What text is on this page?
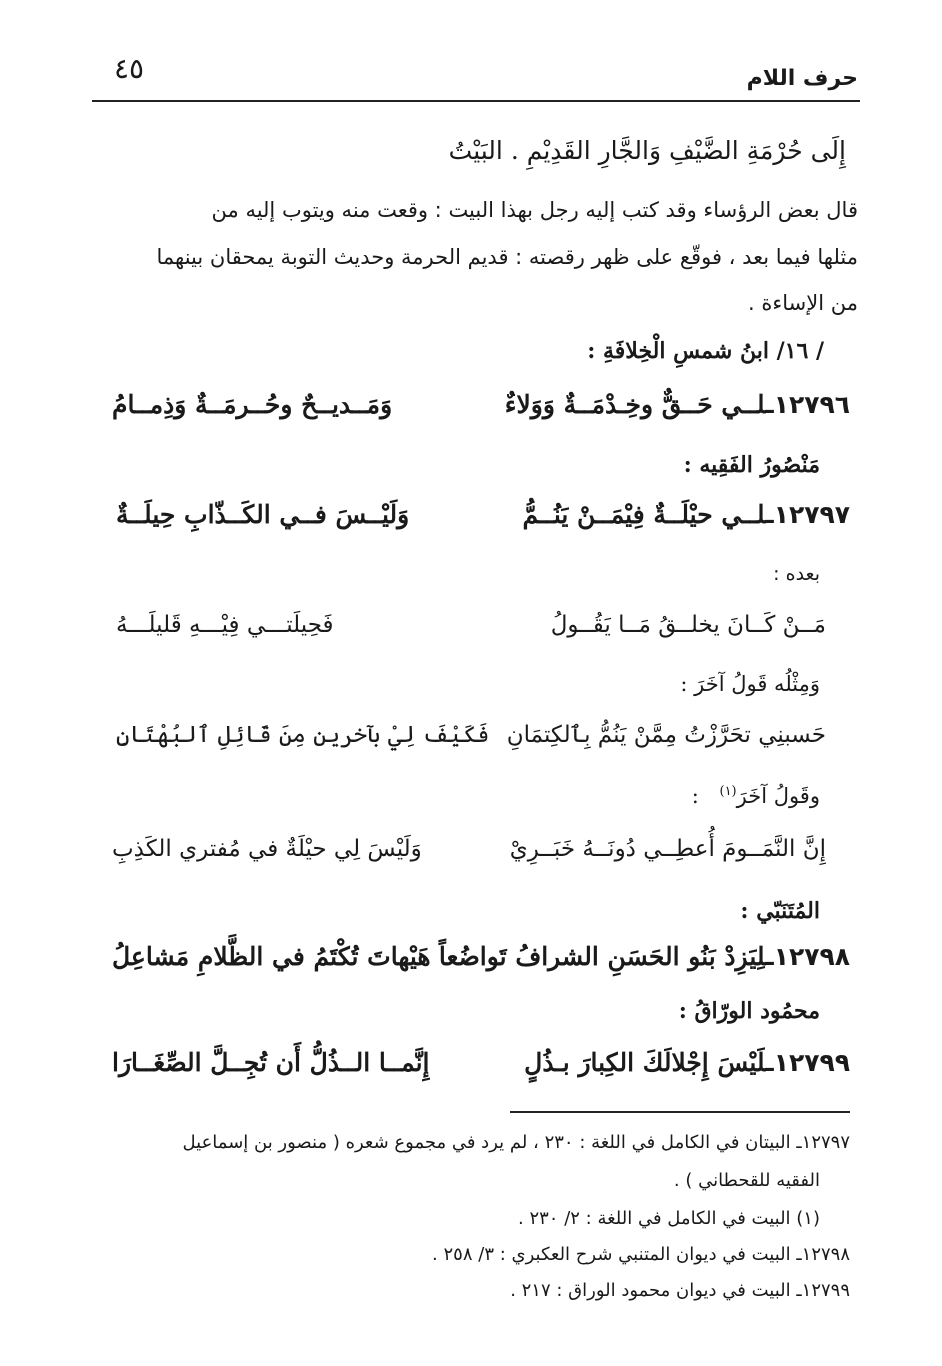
٤٥	حرف اللام
إِلَى حُرْمَةِ الضَّيْفِ وَالجَّارِ القَدِيْمِ . البَيْتُ
قال بعض الرؤساء وقد كتب إليه رجل بهذا البيت : وقعت منه ويتوب إليه من
مثلها فيما بعد ، فوقّع على ظهر رقصته : قديم الحرمة وحديث التوبة يمحقان بينهما
من الإساءة .
/ ١٦/ ابنُ شمسِ الْخِلافَةِ :
١٢٧٩٦ـلــي حَــقٌّ وخِـدْمَــةٌ وَوَلاءٌ
وَمَــديــحٌ وحُــرمَــةٌ وَذِمــامُ
مَنْصُورُ الفَقِيه :
١٢٧٩٧ـلــي حيْلَــةٌ فِيْمَــنْ يَنُــمُّ
وَلَيْــسَ فــي الكَــذّابِ حِيلَــةٌ
بعده :
مَــنْ كَــانَ يخلــقُ مَــا يَقُــولُ
فَحِيلَتـــي فِيْـــهِ قَليلَـــهُ
وَمِثْلُه قَولُ آخَرَ :
حَسبنِي تحَرَّزْتُ مِمَّنْ يَنُمُّ بِٱلكِتمَانِ
فَكَيْفَ لِيْ بآخرين مِنَ قَائِلِ ٱلبُهْتَانِ
وقَولُ آخَرَ$^{(١)}$ :
إِنَّ النَّمَــومَ أُعطِــي دُونَــهُ خَبَــرِيْ
وَلَيْسَ لِي حيْلَةٌ في مُفتري الكَذِبِ
المُتَنَبّي :
١٢٧٩٨ـلِيَزِدْ بَنُو الحَسَنِ الشرافُ تَواضُعاً
هَيْهاتَ تُكْتَمُ في الظَّلامِ مَشاعِلُ
محمُود الورّاقُ :
١٢٧٩٩ـلَيْسَ إِجْلالَكَ الكِبارَ بـذُلٍ
إِنَّمــا الــذُلُّ أَن تُجِــلَّ الصِّغَــارَا
١٢٧٩٧ـ البيتان في الكامل في اللغة : ٢٣٠ ، لم يرد في مجموع شعره ( منصور بن إسماعيل
الفقيه للقحطاني ) .
(١) البيت في الكامل في اللغة : ٢/ ٢٣٠ .
١٢٧٩٨ـ البيت في ديوان المتنبي شرح العكبري : ٣/ ٢٥٨ .
١٢٧٩٩ـ البيت في ديوان محمود الوراق : ٢١٧ .
